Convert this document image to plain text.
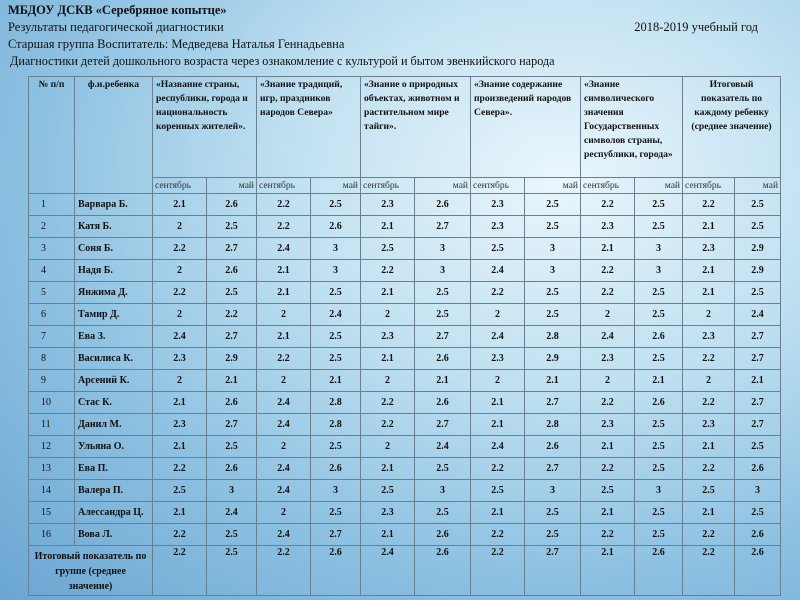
МБДОУ ДСКВ «Серебряное копытце»
Результаты педагогической диагностики	2018-2019 учебный год
Старшая группа Воспитатель: Медведева Наталья Геннадьевна
Диагностики детей дошкольного возраста через ознакомление с культурой и бытом эвенкийского народа
№ п/п	ф.и.ребенка	«Название страны, республики, города и национальность коренных жителей».		«Знание традиций, игр, праздников народов Севера»		«Знание о природных объектах, животном и растительном мире тайги».		«Знание содержание произведений народов Севера».		«Знание символического значения Государственных символов страны, республики, города»		Итоговый показатель по каждому ребенку (среднее значение)	
		сентябрь	май	сентябрь	май	сентябрь	май	сентябрь	май	сентябрь	май	сентябрь	май
1	Варвара Б.	2.1	2.6	2.2	2.5	2.3	2.6	2.3	2.5	2.2	2.5	2.2	2.5
2	Катя Б.	2	2.5	2.2	2.6	2.1	2.7	2.3	2.5	2.3	2.5	2.1	2.5
3	Соня Б.	2.2	2.7	2.4	3	2.5	3	2.5	3	2.1	3	2.3	2.9
4	Надя Б.	2	2.6	2.1	3	2.2	3	2.4	3	2.2	3	2.1	2.9
5	Янжима Д.	2.2	2.5	2.1	2.5	2.1	2.5	2.2	2.5	2.2	2.5	2.1	2.5
6	Тамир Д.	2	2.2	2	2.4	2	2.5	2	2.5	2	2.5	2	2.4
7	Ева З.	2.4	2.7	2.1	2.5	2.3	2.7	2.4	2.8	2.4	2.6	2.3	2.7
8	Василиса К.	2.3	2.9	2.2	2.5	2.1	2.6	2.3	2.9	2.3	2.5	2.2	2.7
9	Арсений К.	2	2.1	2	2.1	2	2.1	2	2.1	2	2.1	2	2.1
10	Стас К.	2.1	2.6	2.4	2.8	2.2	2.6	2.1	2.7	2.2	2.6	2.2	2.7
11	Данил М.	2.3	2.7	2.4	2.8	2.2	2.7	2.1	2.8	2.3	2.5	2.3	2.7
12	Ульяна О.	2.1	2.5	2	2.5	2	2.4	2.4	2.6	2.1	2.5	2.1	2.5
13	Ева П.	2.2	2.6	2.4	2.6	2.1	2.5	2.2	2.7	2.2	2.5	2.2	2.6
14	Валера П.	2.5	3	2.4	3	2.5	3	2.5	3	2.5	3	2.5	3
15	Алессандра Ц.	2.1	2.4	2	2.5	2.3	2.5	2.1	2.5	2.1	2.5	2.1	2.5
16	Вова Л.	2.2	2.5	2.4	2.7	2.1	2.6	2.2	2.5	2.2	2.5	2.2	2.6
Итоговый показатель по группе (среднее значение)		2.2	2.5	2.2	2.6	2.4	2.6	2.2	2.7	2.1	2.6	2.2	2.6
